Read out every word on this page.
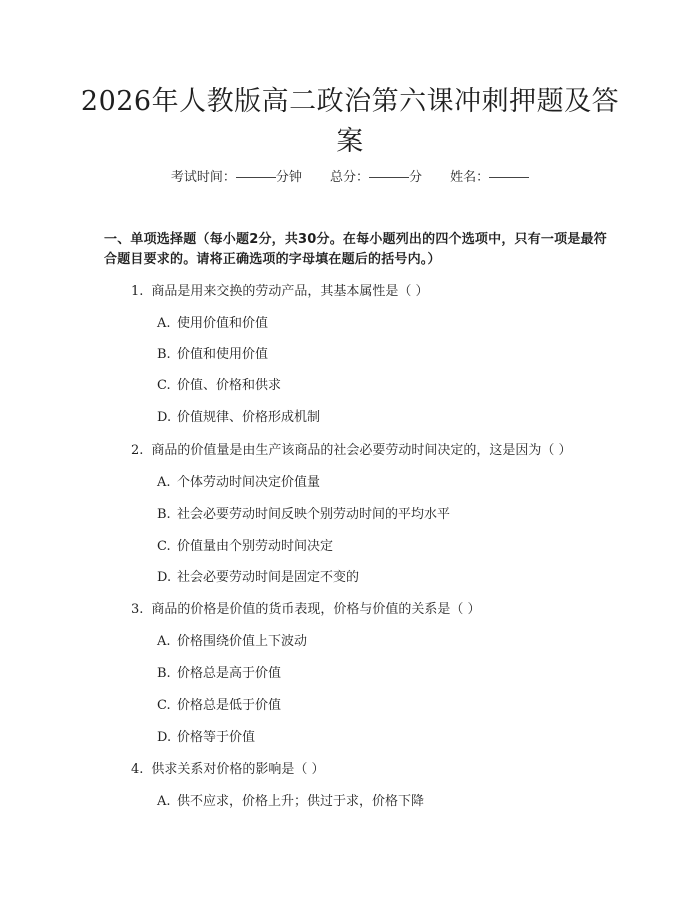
2026年人教版高二政治第六课冲刺押题及答案
考试时间：	分钟 总分：	分 姓名：
一、单项选择题（每小题2分，共30分。在每小题列出的四个选项中，只有一项是最符合题目要求的。请将正确选项的字母填在题后的括号内。）
1. 商品是用来交换的劳动产品，其基本属性是（ ）
A. 使用价值和价值
B. 价值和使用价值
C. 价值、价格和供求
D. 价值规律、价格形成机制
2. 商品的价值量是由生产该商品的社会必要劳动时间决定的，这是因为（ ）
A. 个体劳动时间决定价值量
B. 社会必要劳动时间反映个别劳动时间的平均水平
C. 价值量由个别劳动时间决定
D. 社会必要劳动时间是固定不变的
3. 商品的价格是价值的货币表现，价格与价值的关系是（ ）
A. 价格围绕价值上下波动
B. 价格总是高于价值
C. 价格总是低于价值
D. 价格等于价值
4. 供求关系对价格的影响是（ ）
A. 供不应求，价格上升；供过于求，价格下降
